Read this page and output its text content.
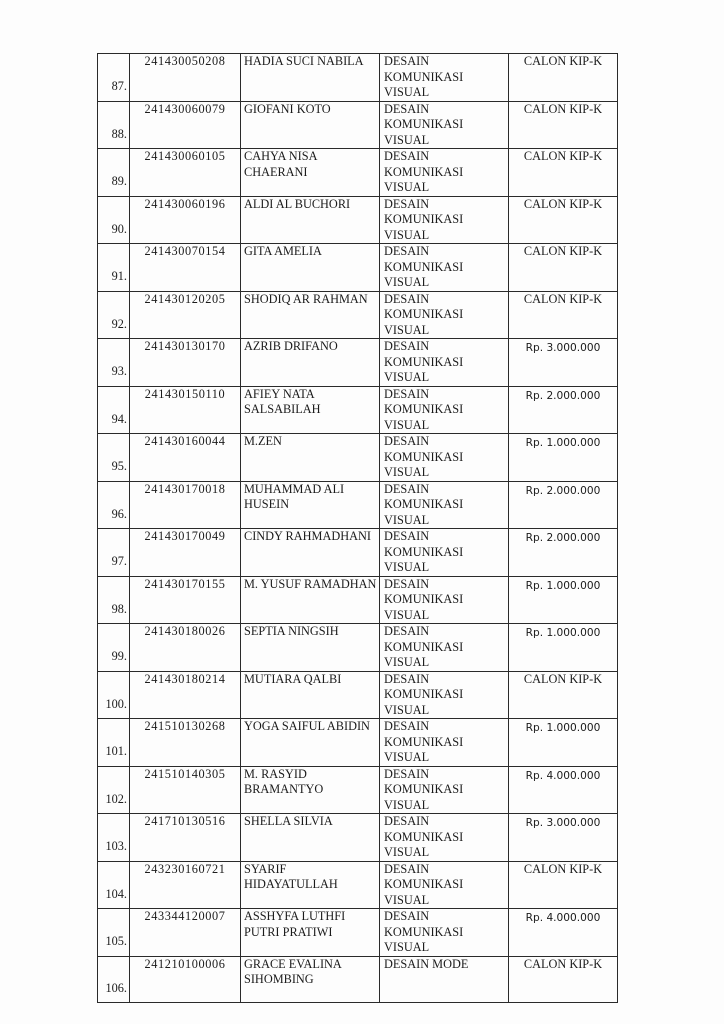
87.	241430050208	HADIA SUCI NABILA	DESAIN
KOMUNIKASI
VISUAL	CALON KIP-K
88.	241430060079	GIOFANI KOTO	DESAIN
KOMUNIKASI
VISUAL	CALON KIP-K
89.	241430060105	CAHYA NISA CHAERANI	DESAIN
KOMUNIKASI
VISUAL	CALON KIP-K
90.	241430060196	ALDI AL BUCHORI	DESAIN
KOMUNIKASI
VISUAL	CALON KIP-K
91.	241430070154	GITA AMELIA	DESAIN
KOMUNIKASI
VISUAL	CALON KIP-K
92.	241430120205	SHODIQ AR RAHMAN	DESAIN
KOMUNIKASI
VISUAL	CALON KIP-K
93.	241430130170	AZRIB DRIFANO	DESAIN
KOMUNIKASI
VISUAL	Rp. 3.000.000
94.	241430150110	AFIEY NATA SALSABILAH	DESAIN
KOMUNIKASI
VISUAL	Rp. 2.000.000
95.	241430160044	M.ZEN	DESAIN
KOMUNIKASI
VISUAL	Rp. 1.000.000
96.	241430170018	MUHAMMAD ALI HUSEIN	DESAIN
KOMUNIKASI
VISUAL	Rp. 2.000.000
97.	241430170049	CINDY RAHMADHANI	DESAIN
KOMUNIKASI
VISUAL	Rp. 2.000.000
98.	241430170155	M. YUSUF RAMADHAN	DESAIN
KOMUNIKASI
VISUAL	Rp. 1.000.000
99.	241430180026	SEPTIA NINGSIH	DESAIN
KOMUNIKASI
VISUAL	Rp. 1.000.000
100.	241430180214	MUTIARA QALBI	DESAIN
KOMUNIKASI
VISUAL	CALON KIP-K
101.	241510130268	YOGA SAIFUL ABIDIN	DESAIN
KOMUNIKASI
VISUAL	Rp. 1.000.000
102.	241510140305	M. RASYID BRAMANTYO	DESAIN
KOMUNIKASI
VISUAL	Rp. 4.000.000
103.	241710130516	SHELLA SILVIA	DESAIN
KOMUNIKASI
VISUAL	Rp. 3.000.000
104.	243230160721	SYARIF HIDAYATULLAH	DESAIN
KOMUNIKASI
VISUAL	CALON KIP-K
105.	243344120007	ASSHYFA LUTHFI PUTRI PRATIWI	DESAIN
KOMUNIKASI
VISUAL	Rp. 4.000.000
106.	241210100006	GRACE EVALINA SIHOMBING	DESAIN MODE	CALON KIP-K
